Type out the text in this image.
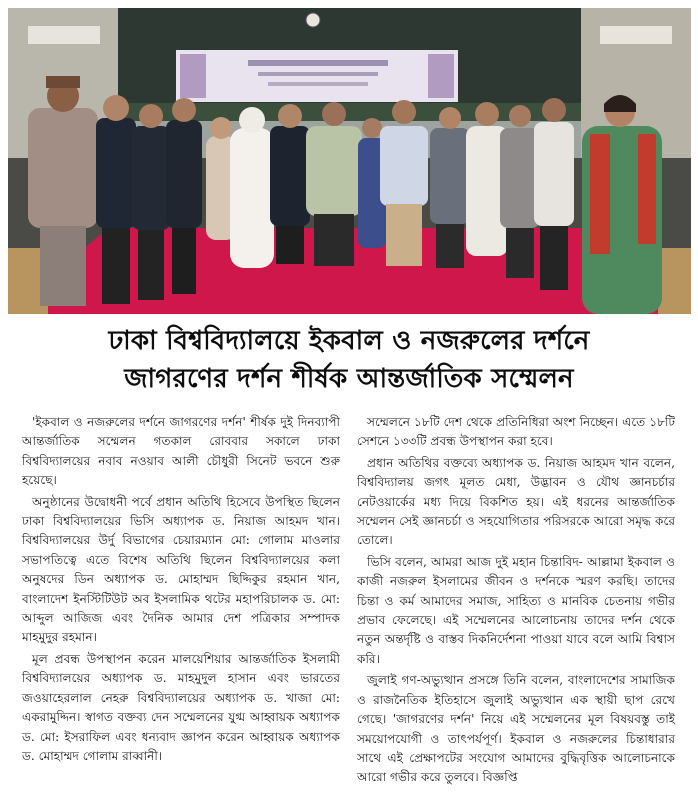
ঢাকা বিশ্ববিদ্যালয়ে ইকবাল ও নজরুলের দর্শনে
জাগরণের দর্শন শীর্ষক আন্তর্জাতিক সম্মেলন

'ইকবাল ও নজরুলের দর্শনে জাগরণের দর্শন' শীর্ষক দুই দিনব্যাপী আন্তর্জাতিক সম্মেলন গতকাল রোববার সকালে ঢাকা বিশ্ববিদ্যালয়ের নবাব নওয়াব আলী চৌধুরী সিনেট ভবনে শুরু হয়েছে।

অনুষ্ঠানের উদ্বোধনী পর্বে প্রধান অতিথি হিসেবে উপস্থিত ছিলেন ঢাকা বিশ্ববিদ্যালয়ের ভিসি অধ্যাপক ড. নিয়াজ আহমদ খান। বিশ্ববিদ্যালয়ের উর্দু বিভাগের চেয়ারম্যান মো: গোলাম মাওলার সভাপতিত্বে এতে বিশেষ অতিথি ছিলেন বিশ্ববিদ্যালয়ের কলা অনুষদের ডিন অধ্যাপক ড. মোহাম্মদ ছিদ্দিকুর রহমান খান, বাংলাদেশ ইনস্টিটিউট অব ইসলামিক থটের মহাপরিচালক ড. মো: আব্দুল আজিজ এবং দৈনিক আমার দেশ পত্রিকার সম্পাদক মাহমুদুর রহমান।

মূল প্রবন্ধ উপস্থাপন করেন মালয়েশিয়ার আন্তর্জাতিক ইসলামী বিশ্ববিদ্যালয়ের অধ্যাপক ড. মাহমুদুল হাসান এবং ভারতের জওয়াহেরলাল নেহরু বিশ্ববিদ্যালয়ের অধ্যাপক ড. খাজা মো: একরামুদ্দিন। স্বাগত বক্তব্য দেন সম্মেলনের যুগ্ম আহ্বায়ক অধ্যাপক ড. মো: ইসরাফিল এবং ধন্যবাদ জ্ঞাপন করেন আহ্বায়ক অধ্যাপক ড. মোহাম্মদ গোলাম রাব্বানী।

সম্মেলনে ১৮টি দেশ থেকে প্রতিনিধিরা অংশ নিচ্ছেন। এতে ১৮টি সেশনে ১৩৩টি প্রবন্ধ উপস্থাপন করা হবে।

প্রধান অতিথির বক্তব্যে অধ্যাপক ড. নিয়াজ আহমদ খান বলেন, বিশ্ববিদ্যালয় জগৎ মূলত মেধা, উদ্ভাবন ও যৌথ জ্ঞানচর্চার নেটওয়ার্কের মধ্য দিয়ে বিকশিত হয়। এই ধরনের আন্তর্জাতিক সম্মেলন সেই জ্ঞানচর্চা ও সহযোগিতার পরিসরকে আরো সমৃদ্ধ করে তোলে।

ভিসি বলেন, আমরা আজ দুই মহান চিন্তাবিদ- আল্লামা ইকবাল ও কাজী নজরুল ইসলামের জীবন ও দর্শনকে স্মরণ করছি। তাদের চিন্তা ও কর্ম আমাদের সমাজ, সাহিত্য ও মানবিক চেতনায় গভীর প্রভাব ফেলেছে। এই সম্মেলনের আলোচনায় তাদের দর্শন থেকে নতুন অন্তর্দৃষ্টি ও বাস্তব দিকনির্দেশনা পাওয়া যাবে বলে আমি বিশ্বাস করি।

জুলাই গণ-অভ্যুত্থান প্রসঙ্গে তিনি বলেন, বাংলাদেশের সামাজিক ও রাজনৈতিক ইতিহাসে জুলাই অভ্যুত্থান এক স্থায়ী ছাপ রেখে গেছে। 'জাগরণের দর্শন' নিয়ে এই সম্মেলনের মূল বিষয়বস্তু তাই সময়োপযোগী ও তাৎপর্যপূর্ণ। ইকবাল ও নজরুলের চিন্তাধারার সাথে এই প্রেক্ষাপটের সংযোগ আমাদের বুদ্ধিবৃত্তিক আলোচনাকে আরো গভীর করে তুলবে। বিজ্ঞপ্তি
